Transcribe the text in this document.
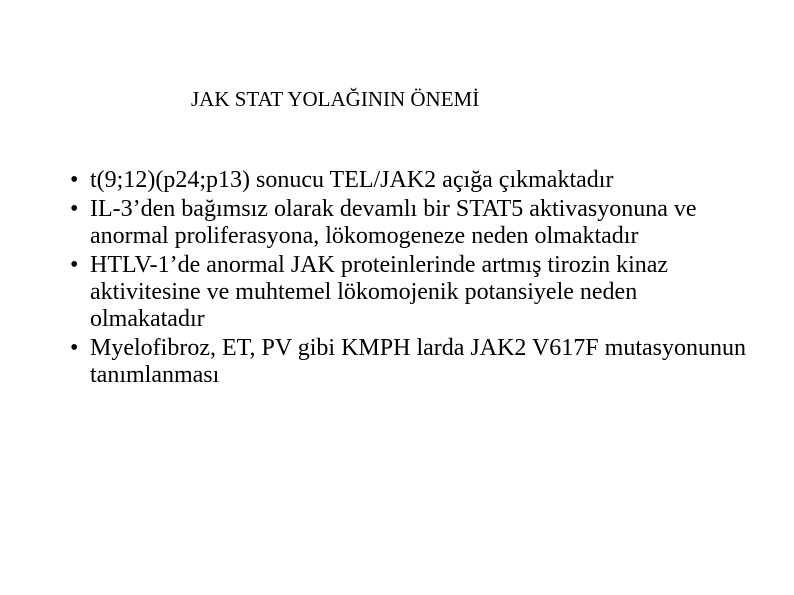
JAK STAT YOLAĞININ ÖNEMİ
• t(9;12)(p24;p13) sonucu TEL/JAK2 açığa çıkmaktadır
• IL-3’den bağımsız olarak devamlı bir STAT5 aktivasyonuna ve anormal proliferasyona, lökomogeneze neden olmaktadır
• HTLV-1’de anormal JAK proteinlerinde artmış tirozin kinaz aktivitesine ve muhtemel lökomojenik potansiyele neden olmakatadır
• Myelofibroz, ET, PV gibi KMPH larda JAK2 V617F mutasyonunun tanımlanması
